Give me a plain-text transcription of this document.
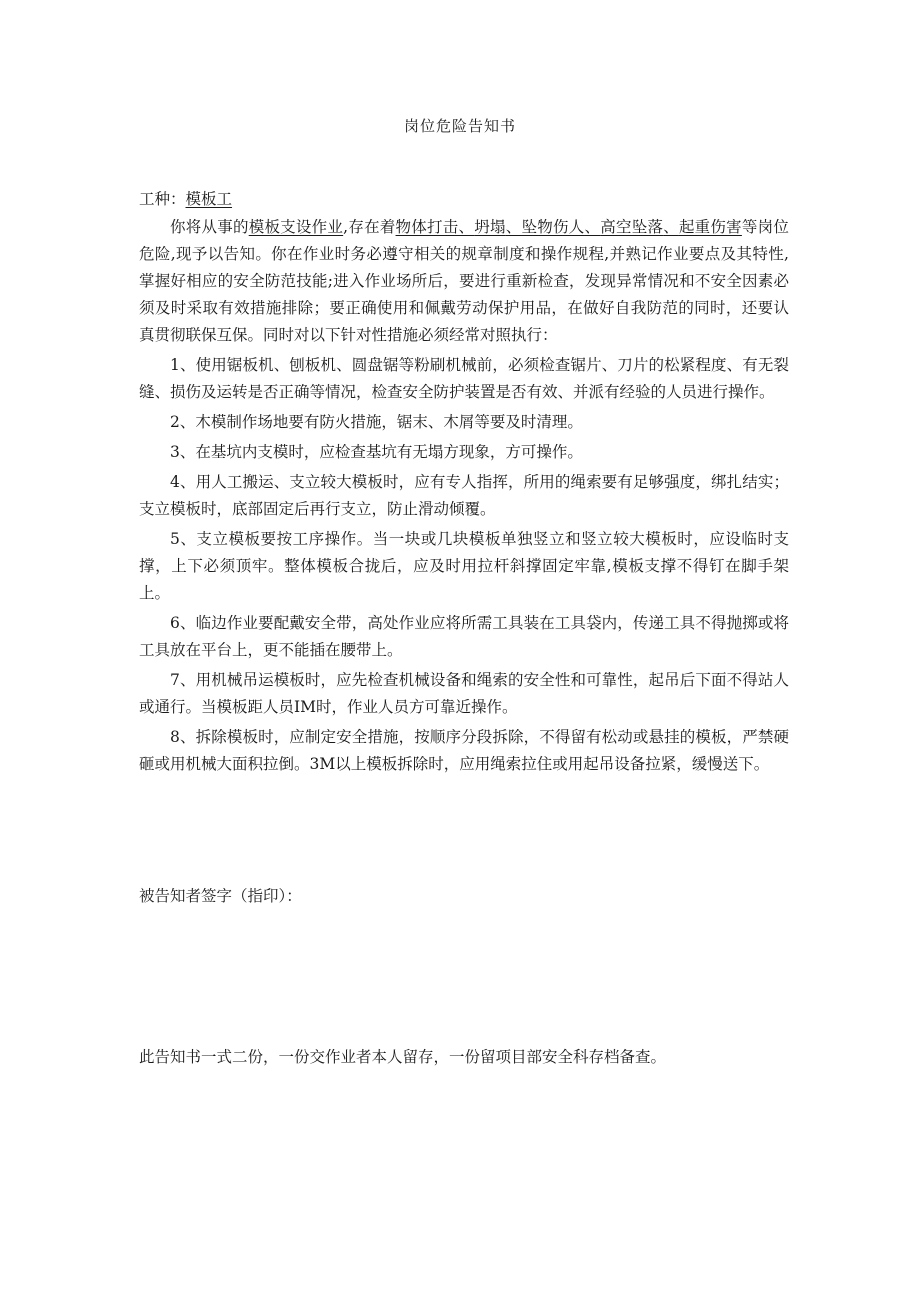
岗位危险告知书
工种：模板工

你将从事的模板支设作业,存在着物体打击、坍塌、坠物伤人、高空坠落、起重伤害等岗位危险,现予以告知。你在作业时务必遵守相关的规章制度和操作规程,并熟记作业要点及其特性,掌握好相应的安全防范技能;进入作业场所后，要进行重新检查，发现异常情况和不安全因素必须及时采取有效措施排除；要正确使用和佩戴劳动保护用品，在做好自我防范的同时，还要认真贯彻联保互保。同时对以下针对性措施必须经常对照执行：

1、使用锯板机、刨板机、圆盘锯等粉刷机械前，必须检查锯片、刀片的松紧程度、有无裂缝、损伤及运转是否正确等情况，检查安全防护装置是否有效、并派有经验的人员进行操作。

2、木模制作场地要有防火措施，锯末、木屑等要及时清理。

3、在基坑内支模时，应检查基坑有无塌方现象，方可操作。

4、用人工搬运、支立较大模板时，应有专人指挥，所用的绳索要有足够强度，绑扎结实；支立模板时，底部固定后再行支立，防止滑动倾覆。

5、支立模板要按工序操作。当一块或几块模板单独竖立和竖立较大模板时，应设临时支撑，上下必须顶牢。整体模板合拢后，应及时用拉杆斜撑固定牢靠,模板支撑不得钉在脚手架上。

6、临边作业要配戴安全带，高处作业应将所需工具装在工具袋内，传递工具不得抛掷或将工具放在平台上，更不能插在腰带上。

7、用机械吊运模板时，应先检查机械设备和绳索的安全性和可靠性，起吊后下面不得站人或通行。当模板距人员IM时，作业人员方可靠近操作。

8、拆除模板时，应制定安全措施，按顺序分段拆除，不得留有松动或悬挂的模板，严禁硬砸或用机械大面积拉倒。3M以上模板拆除时，应用绳索拉住或用起吊设备拉紧，缓慢送下。

被告知者签字（指印）：
此告知书一式二份，一份交作业者本人留存，一份留项目部安全科存档备查。
